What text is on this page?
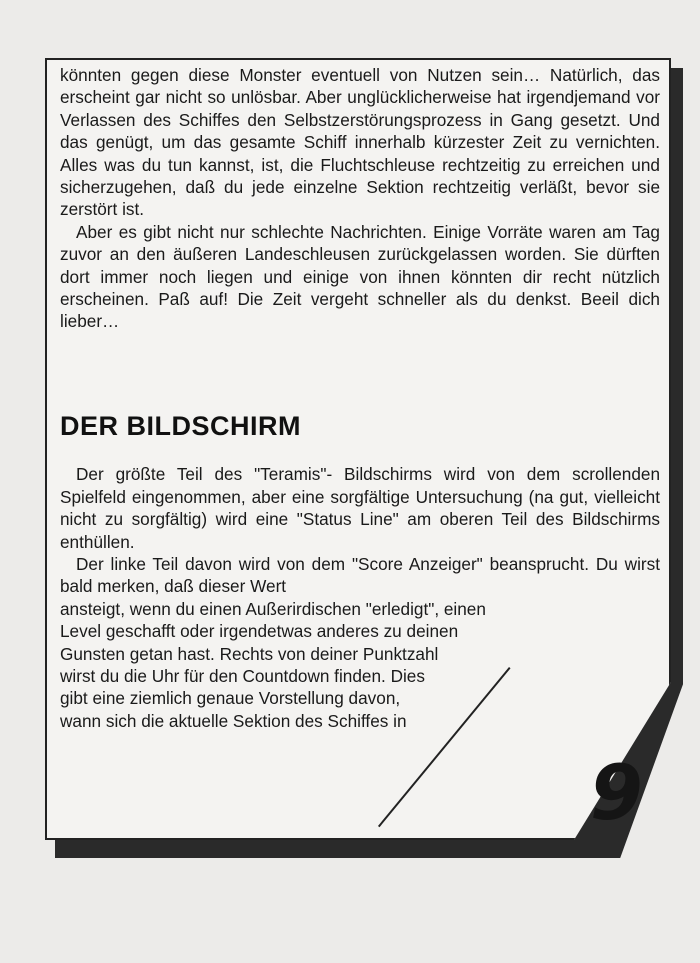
könnten gegen diese Monster eventuell von Nutzen sein… Natürlich, das erscheint gar nicht so unlösbar. Aber unglücklicherweise hat irgendjemand vor Verlassen des Schiffes den Selbstzerstörungsprozess in Gang gesetzt. Und das genügt, um das gesamte Schiff innerhalb kürzester Zeit zu vernichten. Alles was du tun kannst, ist, die Fluchtschleuse rechtzeitig zu erreichen und sicherzugehen, daß du jede einzelne Sektion rechtzeitig verläßt, bevor sie zerstört ist.

Aber es gibt nicht nur schlechte Nachrichten. Einige Vorräte waren am Tag zuvor an den äußeren Landeschleusen zurückgelassen worden. Sie dürften dort immer noch liegen und einige von ihnen könnten dir recht nützlich erscheinen. Paß auf! Die Zeit vergeht schneller als du denkst. Beeil dich lieber…

DER BILDSCHIRM

Der größte Teil des "Teramis"- Bildschirms wird von dem scrollenden Spielfeld eingenommen, aber eine sorgfältige Untersuchung (na gut, vielleicht nicht zu sorgfältig) wird eine "Status Line" am oberen Teil des Bildschirms enthüllen.

Der linke Teil davon wird von dem "Score Anzeiger" beansprucht. Du wirst bald merken, daß dieser Wert

ansteigt, wenn du einen Außerirdischen "erledigt", einen
Level geschafft oder irgendetwas anderes zu deinen
Gunsten getan hast. Rechts von deiner Punktzahl
wirst du die Uhr für den Countdown finden. Dies
gibt eine ziemlich genaue Vorstellung davon,
wann sich die aktuelle Sektion des Schiffes in
9
